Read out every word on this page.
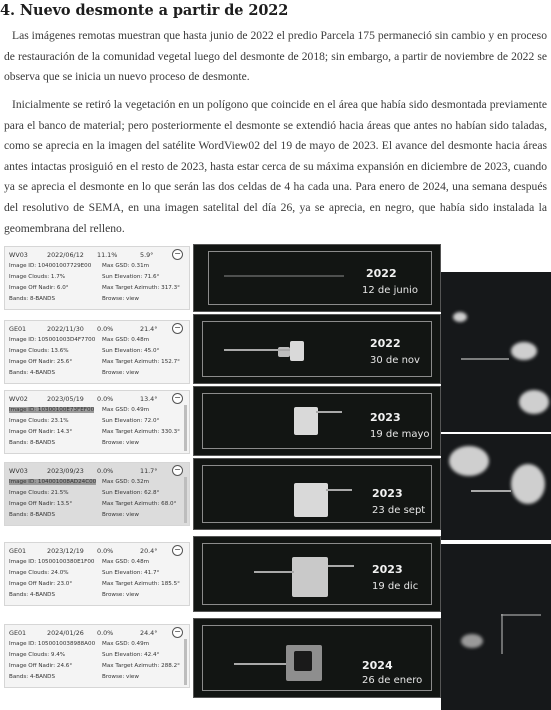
4. Nuevo desmonte a partir de 2022

Las imágenes remotas muestran que hasta junio de 2022 el predio Parcela 175 permaneció sin cambio y en proceso de restauración de la comunidad vegetal luego del desmonte de 2018; sin embargo, a partir de noviembre de 2022 se observa que se inicia un nuevo proceso de desmonte.

Inicialmente se retiró la vegetación en un polígono que coincide en el área que había sido desmontada previamente para el banco de material; pero posteriormente el desmonte se extendió hacia áreas que antes no habían sido taladas, como se aprecia en la imagen del satélite WordView02 del 19 de mayo de 2023. El avance del desmonte hacia áreas antes intactas prosiguió en el resto de 2023, hasta estar cerca de su máxima expansión en diciembre de 2023, cuando ya se aprecia el desmonte en lo que serán las dos celdas de 4 ha cada una. Para enero de 2024, una semana después del resolutivo de SEMA, en una imagen satelital del día 26, ya se aprecia, en negro, que había sido instalada la geomembrana del relleno.

WV03	2022/06/12 11.1%	5.9°	−
Image ID: 104001007729E00 Max GSD: 0.31m
Image Clouds: 1.7%	Sun Elevation: 71.6°
Image Off Nadir: 6.0°	Max Target Azimuth: 317.3°
Bands: 8-BANDS	Browse: view
GE01	2022/11/30 0.0%	21.4° −
Image ID: 105001003D4F7700 Max GSD: 0.48m
Image Clouds: 13.6%	Sun Elevation: 45.0°
Image Off Nadir: 25.6°	Max Target Azimuth: 152.7°
Bands: 4-BANDS	Browse: view
WV02	2023/05/19 0.0%	13.4° −
Image ID: 10300100E73FEF00 Max GSD: 0.49m
Image Clouds: 23.1%	Sun Elevation: 72.0°
Image Off Nadir: 14.3°	Max Target Azimuth: 330.3°
Bands: 8-BANDS	Browse: view
WV03	2023/09/23 0.0%	11.7° −
Image ID: 104001008AD24C00 Max GSD: 0.32m
Image Clouds: 21.5%	Sun Elevation: 62.8°
Image Off Nadir: 13.5°	Max Target Azimuth: 68.0°
Bands: 8-BANDS	Browse: view
GE01	2023/12/19 0.0%	20.4° −
Image ID: 10500100380E1F00 Max GSD: 0.48m
Image Clouds: 24.0%	Sun Elevation: 41.7°
Image Off Nadir: 23.0°	Max Target Azimuth: 185.5°
Bands: 4-BANDS	Browse: view
GE01	2024/01/26 0.0%	24.4° −
Image ID: 1050010038988A00 Max GSD: 0.49m
Image Clouds: 9.4%	Sun Elevation: 42.4°
Image Off Nadir: 24.6°	Max Target Azimuth: 288.2°
Bands: 4-BANDS	Browse: view
2022
12 de junio
2022
30 de nov
2023
19 de mayo
2023
23 de sept
2023
19 de dic
2024
26 de enero
